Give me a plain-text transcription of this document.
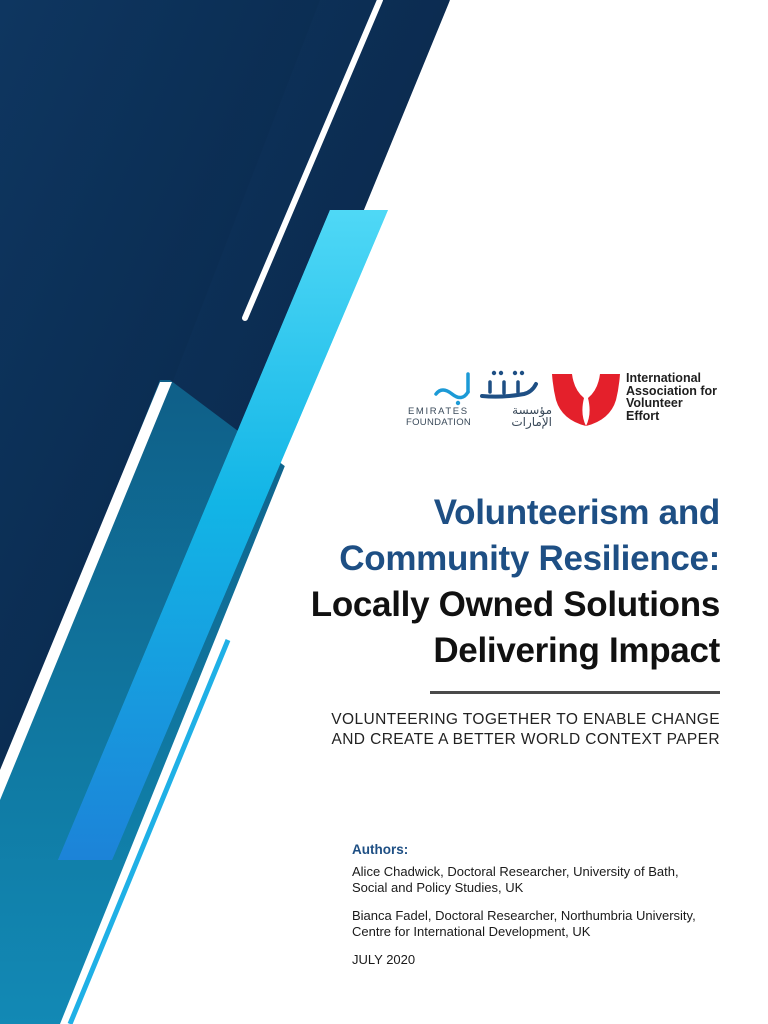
EMIRATES
FOUNDATION
مؤسسة الإمارات
International
Association for
Volunteer
Effort
Volunteerism and
Community Resilience:
Locally Owned Solutions
Delivering Impact
VOLUNTEERING TOGETHER TO ENABLE CHANGE
AND CREATE A BETTER WORLD CONTEXT PAPER
Authors:
Alice Chadwick, Doctoral Researcher, University of Bath,
Social and Policy Studies, UK
Bianca Fadel, Doctoral Researcher, Northumbria University,
Centre for International Development, UK
JULY 2020
